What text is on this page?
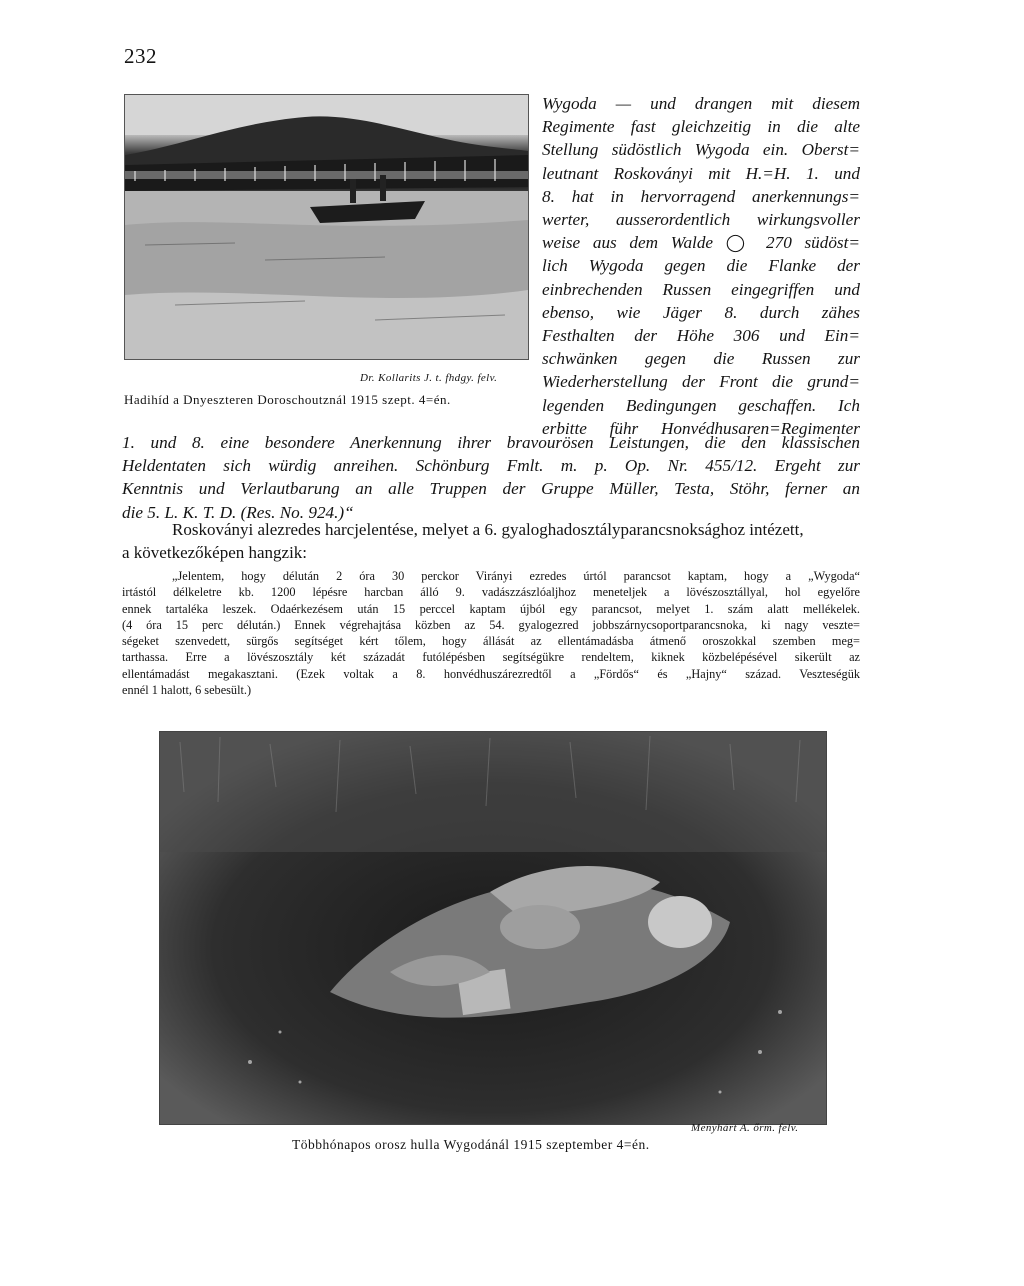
232
Dr. Kollarits J. t. fhdgy. felv.
Hadihíd a Dnyeszteren Doroschoutznál 1915 szept. 4=én.
Wygoda — und drangen mit diesem
Regimente fast gleichzeitig in die alte
Stellung südöstlich Wygoda ein. Oberst=
leutnant Roskoványi mit H.=H. 1. und
8. hat in hervorragend anerkennungs=
werter, ausserordentlich wirkungsvoller
weise aus dem Walde ◯ 270 südöst=
lich Wygoda gegen die Flanke der
einbrechenden Russen eingegriffen und
ebenso, wie Jäger 8. durch zähes
Festhalten der Höhe 306 und Ein=
schwänken gegen die Russen zur
Wiederherstellung der Front die grund=
legenden Bedingungen geschaffen. Ich
erbitte führ Honvédhusaren=Regimenter
1. und 8. eine besondere Anerkennung ihrer bravourösen Leistungen, die den klassischen
Heldentaten sich würdig anreihen. Schönburg Fmlt. m. p. Op. Nr. 455/12. Ergeht zur
Kenntnis und Verlautbarung an alle Truppen der Gruppe Müller, Testa, Stöhr, ferner an
die 5. L. K. T. D. (Res. No. 924.)“
Roskoványi alezredes harcjelentése, melyet a 6. gyaloghadosztályparancsnoksághoz intézett,
a következőképen hangzik:
„Jelentem, hogy délután 2 óra 30 perckor Virányi ezredes úrtól parancsot kaptam, hogy a „Wygoda“
irtástól délkeletre kb. 1200 lépésre harcban álló 9. vadászzászlóaljhoz meneteljek a lövészosztállyal, hol egyelőre
ennek tartaléka leszek. Odaérkezésem után 15 perccel kaptam újból egy parancsot, melyet 1. szám alatt mellékelek.
(4 óra 15 perc délután.) Ennek végrehajtása közben az 54. gyalogezred jobbszárnycsoportparancsnoka, ki nagy veszte=
ségeket szenvedett, sürgős segítséget kért tőlem, hogy állását az ellentámadásba átmenő oroszokkal szemben meg=
tarthassa. Erre a lövészosztály két századát futólépésben segítségükre rendeltem, kiknek közbelépésével sikerült az
ellentámadást megakasztani. (Ezek voltak a 8. honvédhuszárezredtől a „Fördős“ és „Hajny“ század. Veszteségük
ennél 1 halott, 6 sebesült.)
Menyhárt A. őrm. felv.
Többhónapos orosz hulla Wygodánál 1915 szeptember 4=én.
